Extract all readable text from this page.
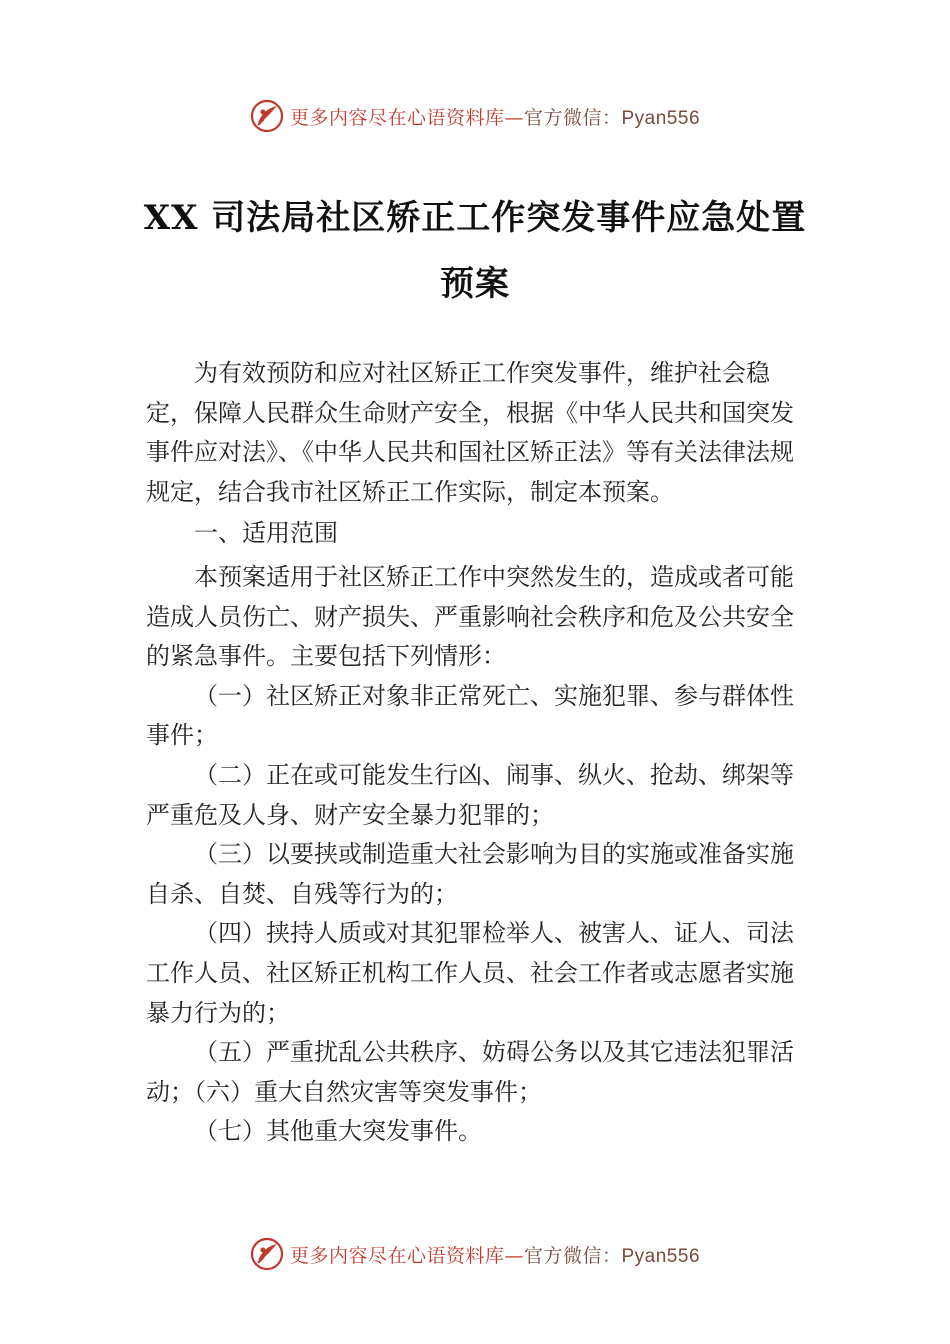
更多内容尽在心语资料库—官方微信：Pyan556
XX 司法局社区矫正工作突发事件应急处置
预案

为有效预防和应对社区矫正工作突发事件，维护社会稳定，保障人民群众生命财产安全，根据《中华人民共和国突发事件应对法》、《中华人民共和国社区矫正法》等有关法律法规规定，结合我市社区矫正工作实际，制定本预案。

一、适用范围

本预案适用于社区矫正工作中突然发生的，造成或者可能造成人员伤亡、财产损失、严重影响社会秩序和危及公共安全的紧急事件。主要包括下列情形：

（一）社区矫正对象非正常死亡、实施犯罪、参与群体性事件；

（二）正在或可能发生行凶、闹事、纵火、抢劫、绑架等严重危及人身、财产安全暴力犯罪的；

（三）以要挟或制造重大社会影响为目的实施或准备实施自杀、自焚、自残等行为的；

（四）挟持人质或对其犯罪检举人、被害人、证人、司法工作人员、社区矫正机构工作人员、社会工作者或志愿者实施暴力行为的；

（五）严重扰乱公共秩序、妨碍公务以及其它违法犯罪活动；（六）重大自然灾害等突发事件；

（七）其他重大突发事件。

更多内容尽在心语资料库—官方微信：Pyan556
